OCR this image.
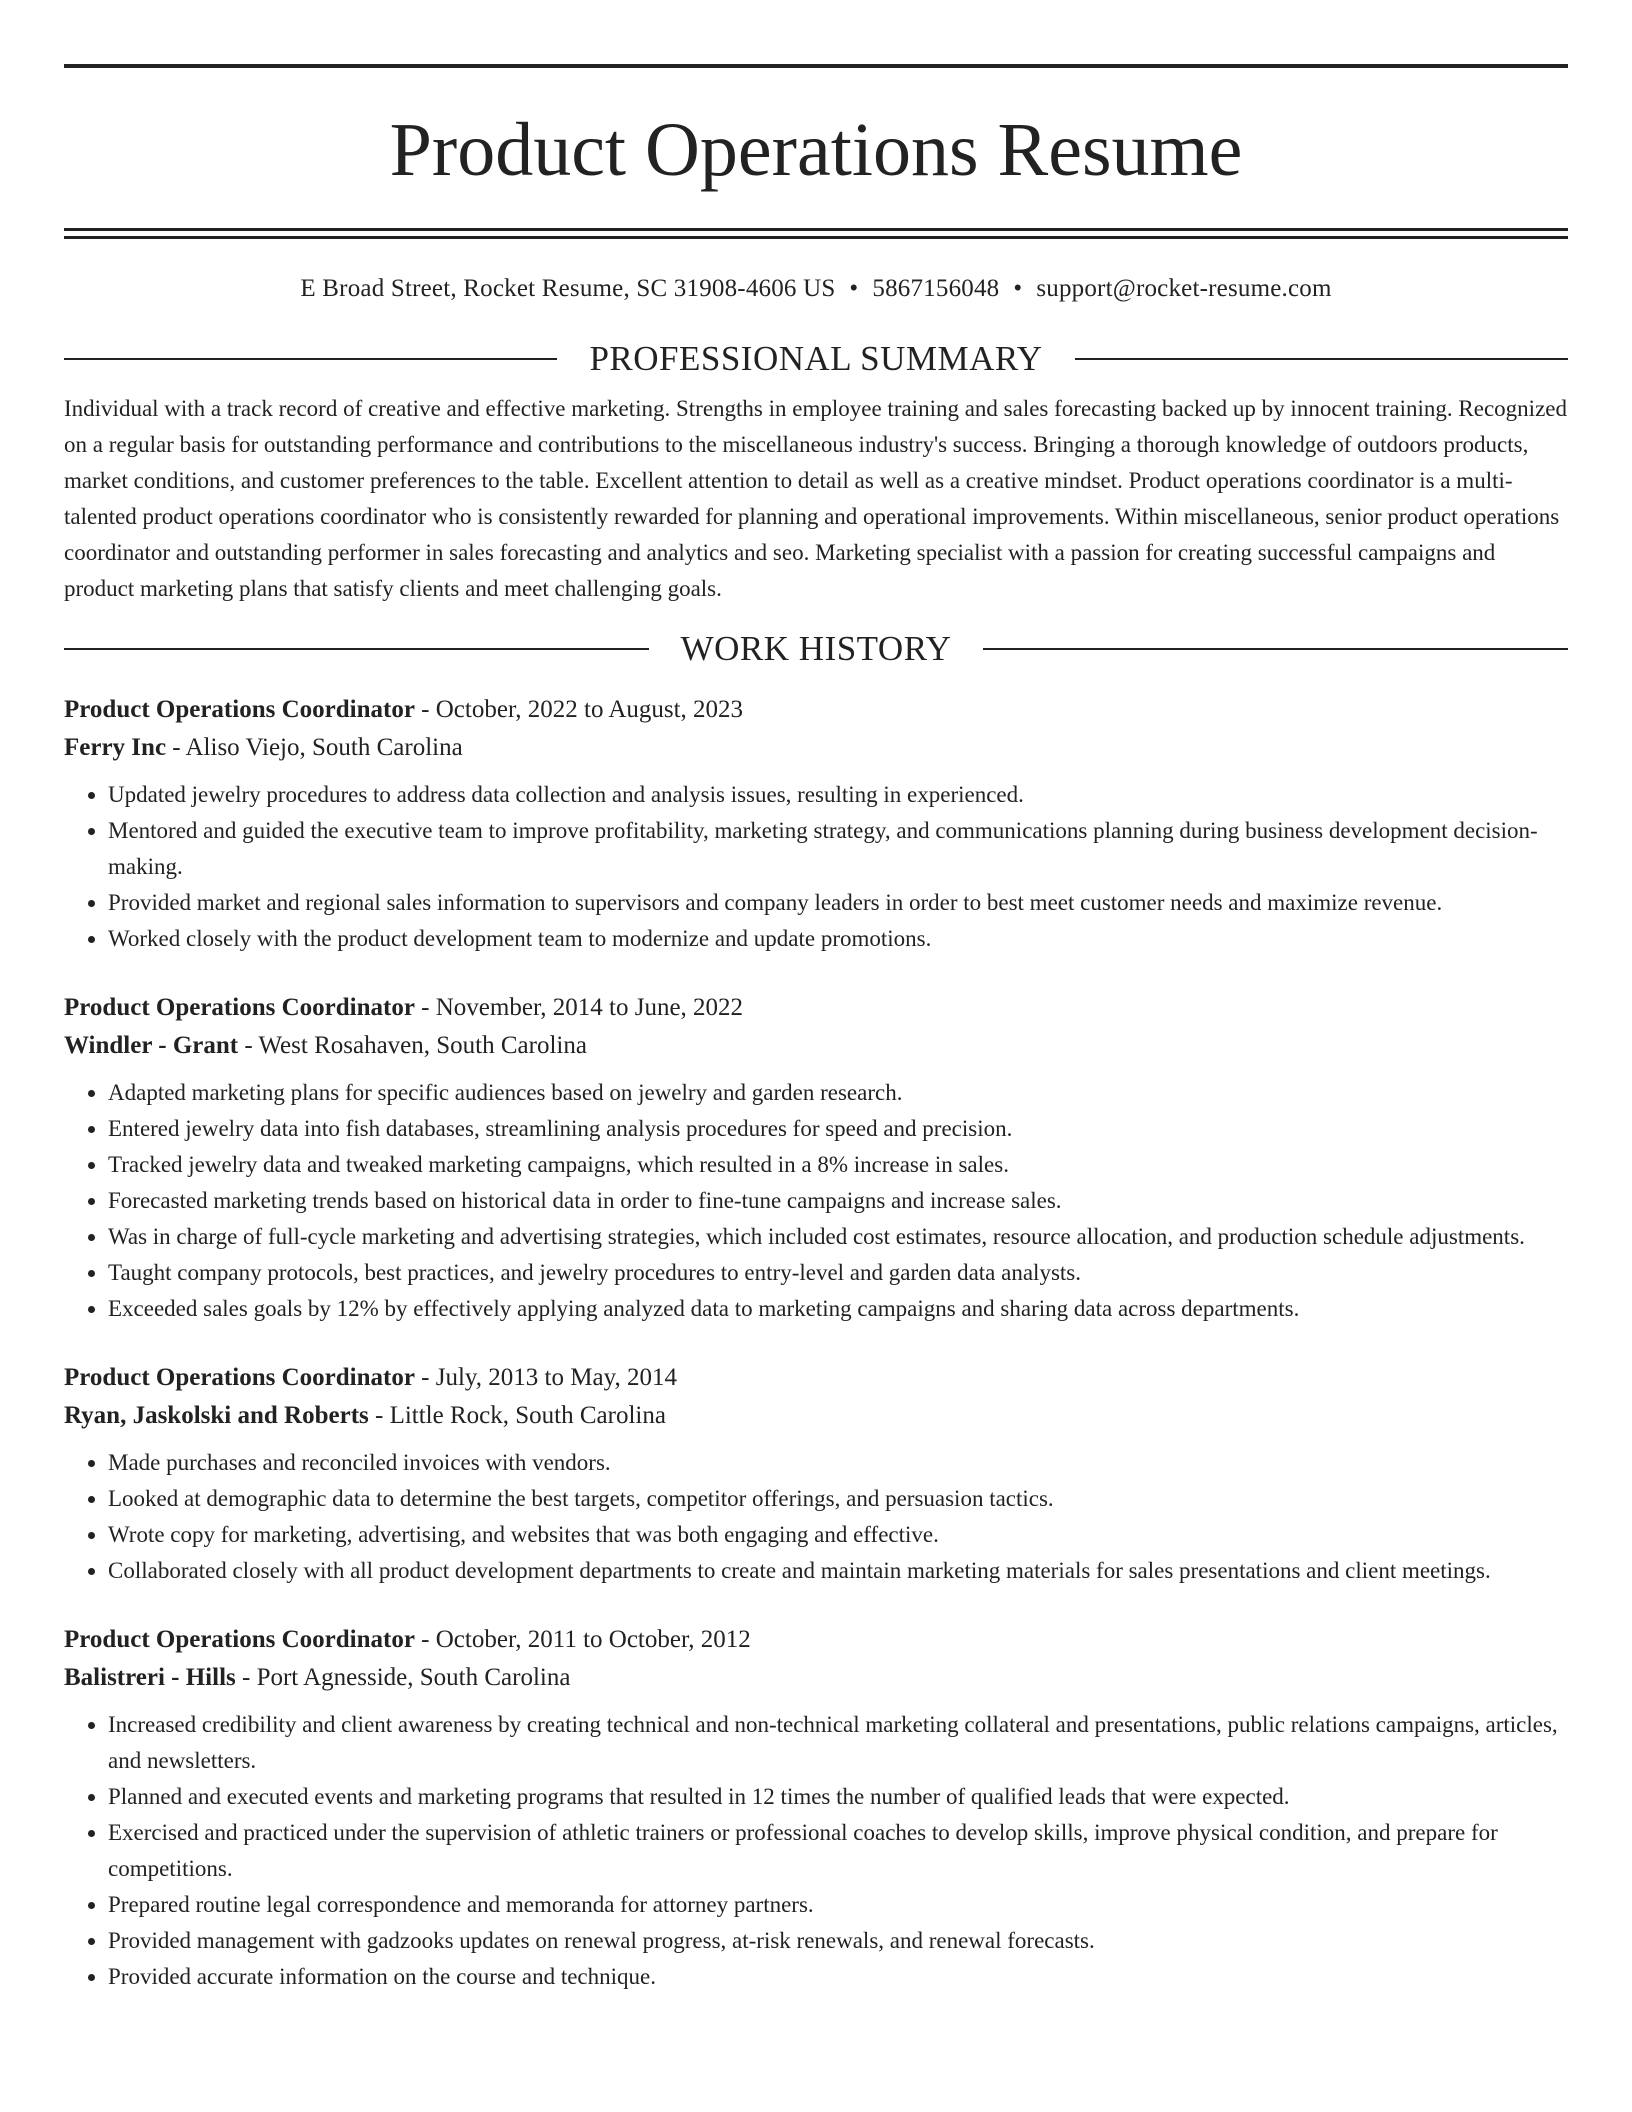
Product Operations Resume
E Broad Street, Rocket Resume, SC 31908-4606 US • 5867156048 • support@rocket-resume.com
PROFESSIONAL SUMMARY

Individual with a track record of creative and effective marketing. Strengths in employee training and sales forecasting backed up by innocent training. Recognized on a regular basis for outstanding performance and contributions to the miscellaneous industry's success. Bringing a thorough knowledge of outdoors products, market conditions, and customer preferences to the table. Excellent attention to detail as well as a creative mindset. Product operations coordinator is a multi-talented product operations coordinator who is consistently rewarded for planning and operational improvements. Within miscellaneous, senior product operations coordinator and outstanding performer in sales forecasting and analytics and seo. Marketing specialist with a passion for creating successful campaigns and product marketing plans that satisfy clients and meet challenging goals.

WORK HISTORY
Product Operations Coordinator - October, 2022 to August, 2023
Ferry Inc - Aliso Viejo, South Carolina
• Updated jewelry procedures to address data collection and analysis issues, resulting in experienced.
• Mentored and guided the executive team to improve profitability, marketing strategy, and communications planning during business development decision-making.
• Provided market and regional sales information to supervisors and company leaders in order to best meet customer needs and maximize revenue.
• Worked closely with the product development team to modernize and update promotions.
Product Operations Coordinator - November, 2014 to June, 2022
Windler - Grant - West Rosahaven, South Carolina
• Adapted marketing plans for specific audiences based on jewelry and garden research.
• Entered jewelry data into fish databases, streamlining analysis procedures for speed and precision.
• Tracked jewelry data and tweaked marketing campaigns, which resulted in a 8% increase in sales.
• Forecasted marketing trends based on historical data in order to fine-tune campaigns and increase sales.
• Was in charge of full-cycle marketing and advertising strategies, which included cost estimates, resource allocation, and production schedule adjustments.
• Taught company protocols, best practices, and jewelry procedures to entry-level and garden data analysts.
• Exceeded sales goals by 12% by effectively applying analyzed data to marketing campaigns and sharing data across departments.
Product Operations Coordinator - July, 2013 to May, 2014
Ryan, Jaskolski and Roberts - Little Rock, South Carolina
• Made purchases and reconciled invoices with vendors.
• Looked at demographic data to determine the best targets, competitor offerings, and persuasion tactics.
• Wrote copy for marketing, advertising, and websites that was both engaging and effective.
• Collaborated closely with all product development departments to create and maintain marketing materials for sales presentations and client meetings.
Product Operations Coordinator - October, 2011 to October, 2012
Balistreri - Hills - Port Agnesside, South Carolina
• Increased credibility and client awareness by creating technical and non-technical marketing collateral and presentations, public relations campaigns, articles, and newsletters.
• Planned and executed events and marketing programs that resulted in 12 times the number of qualified leads that were expected.
• Exercised and practiced under the supervision of athletic trainers or professional coaches to develop skills, improve physical condition, and prepare for competitions.
• Prepared routine legal correspondence and memoranda for attorney partners.
• Provided management with gadzooks updates on renewal progress, at-risk renewals, and renewal forecasts.
• Provided accurate information on the course and technique.
